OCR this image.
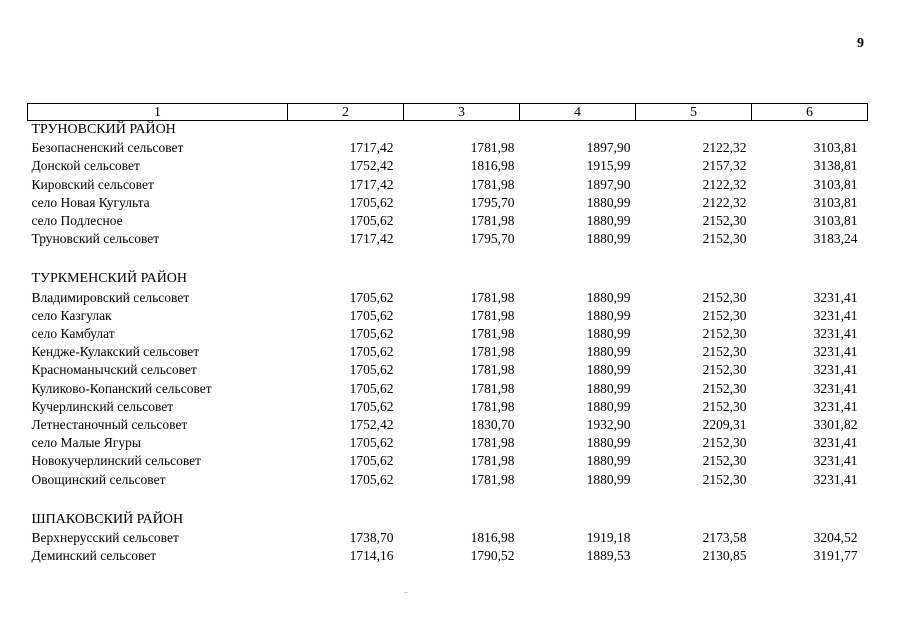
9
1	2	3	4	5	6
ТРУНОВСКИЙ РАЙОН					
Безопасненский сельсовет	1717,42	1781,98	1897,90	2122,32	3103,81
Донской сельсовет	1752,42	1816,98	1915,99	2157,32	3138,81
Кировский сельсовет	1717,42	1781,98	1897,90	2122,32	3103,81
село Новая Кугульта	1705,62	1795,70	1880,99	2122,32	3103,81
село Подлесное	1705,62	1781,98	1880,99	2152,30	3103,81
Труновский сельсовет	1717,42	1795,70	1880,99	2152,30	3183,24

ТУРКМЕНСКИЙ РАЙОН					
Владимировский сельсовет	1705,62	1781,98	1880,99	2152,30	3231,41
село Казгулак	1705,62	1781,98	1880,99	2152,30	3231,41
село Камбулат	1705,62	1781,98	1880,99	2152,30	3231,41
Кендже-Кулакский сельсовет	1705,62	1781,98	1880,99	2152,30	3231,41
Красноманычский сельсовет	1705,62	1781,98	1880,99	2152,30	3231,41
Куликово-Копанский сельсовет	1705,62	1781,98	1880,99	2152,30	3231,41
Кучерлинский сельсовет	1705,62	1781,98	1880,99	2152,30	3231,41
Летнестаночный сельсовет	1752,42	1830,70	1932,90	2209,31	3301,82
село Малые Ягуры	1705,62	1781,98	1880,99	2152,30	3231,41
Новокучерлинский сельсовет	1705,62	1781,98	1880,99	2152,30	3231,41
Овощинский сельсовет	1705,62	1781,98	1880,99	2152,30	3231,41

ШПАКОВСКИЙ РАЙОН					
Верхнерусский сельсовет	1738,70	1816,98	1919,18	2173,58	3204,52
Деминский сельсовет	1714,16	1790,52	1889,53	2130,85	3191,77
